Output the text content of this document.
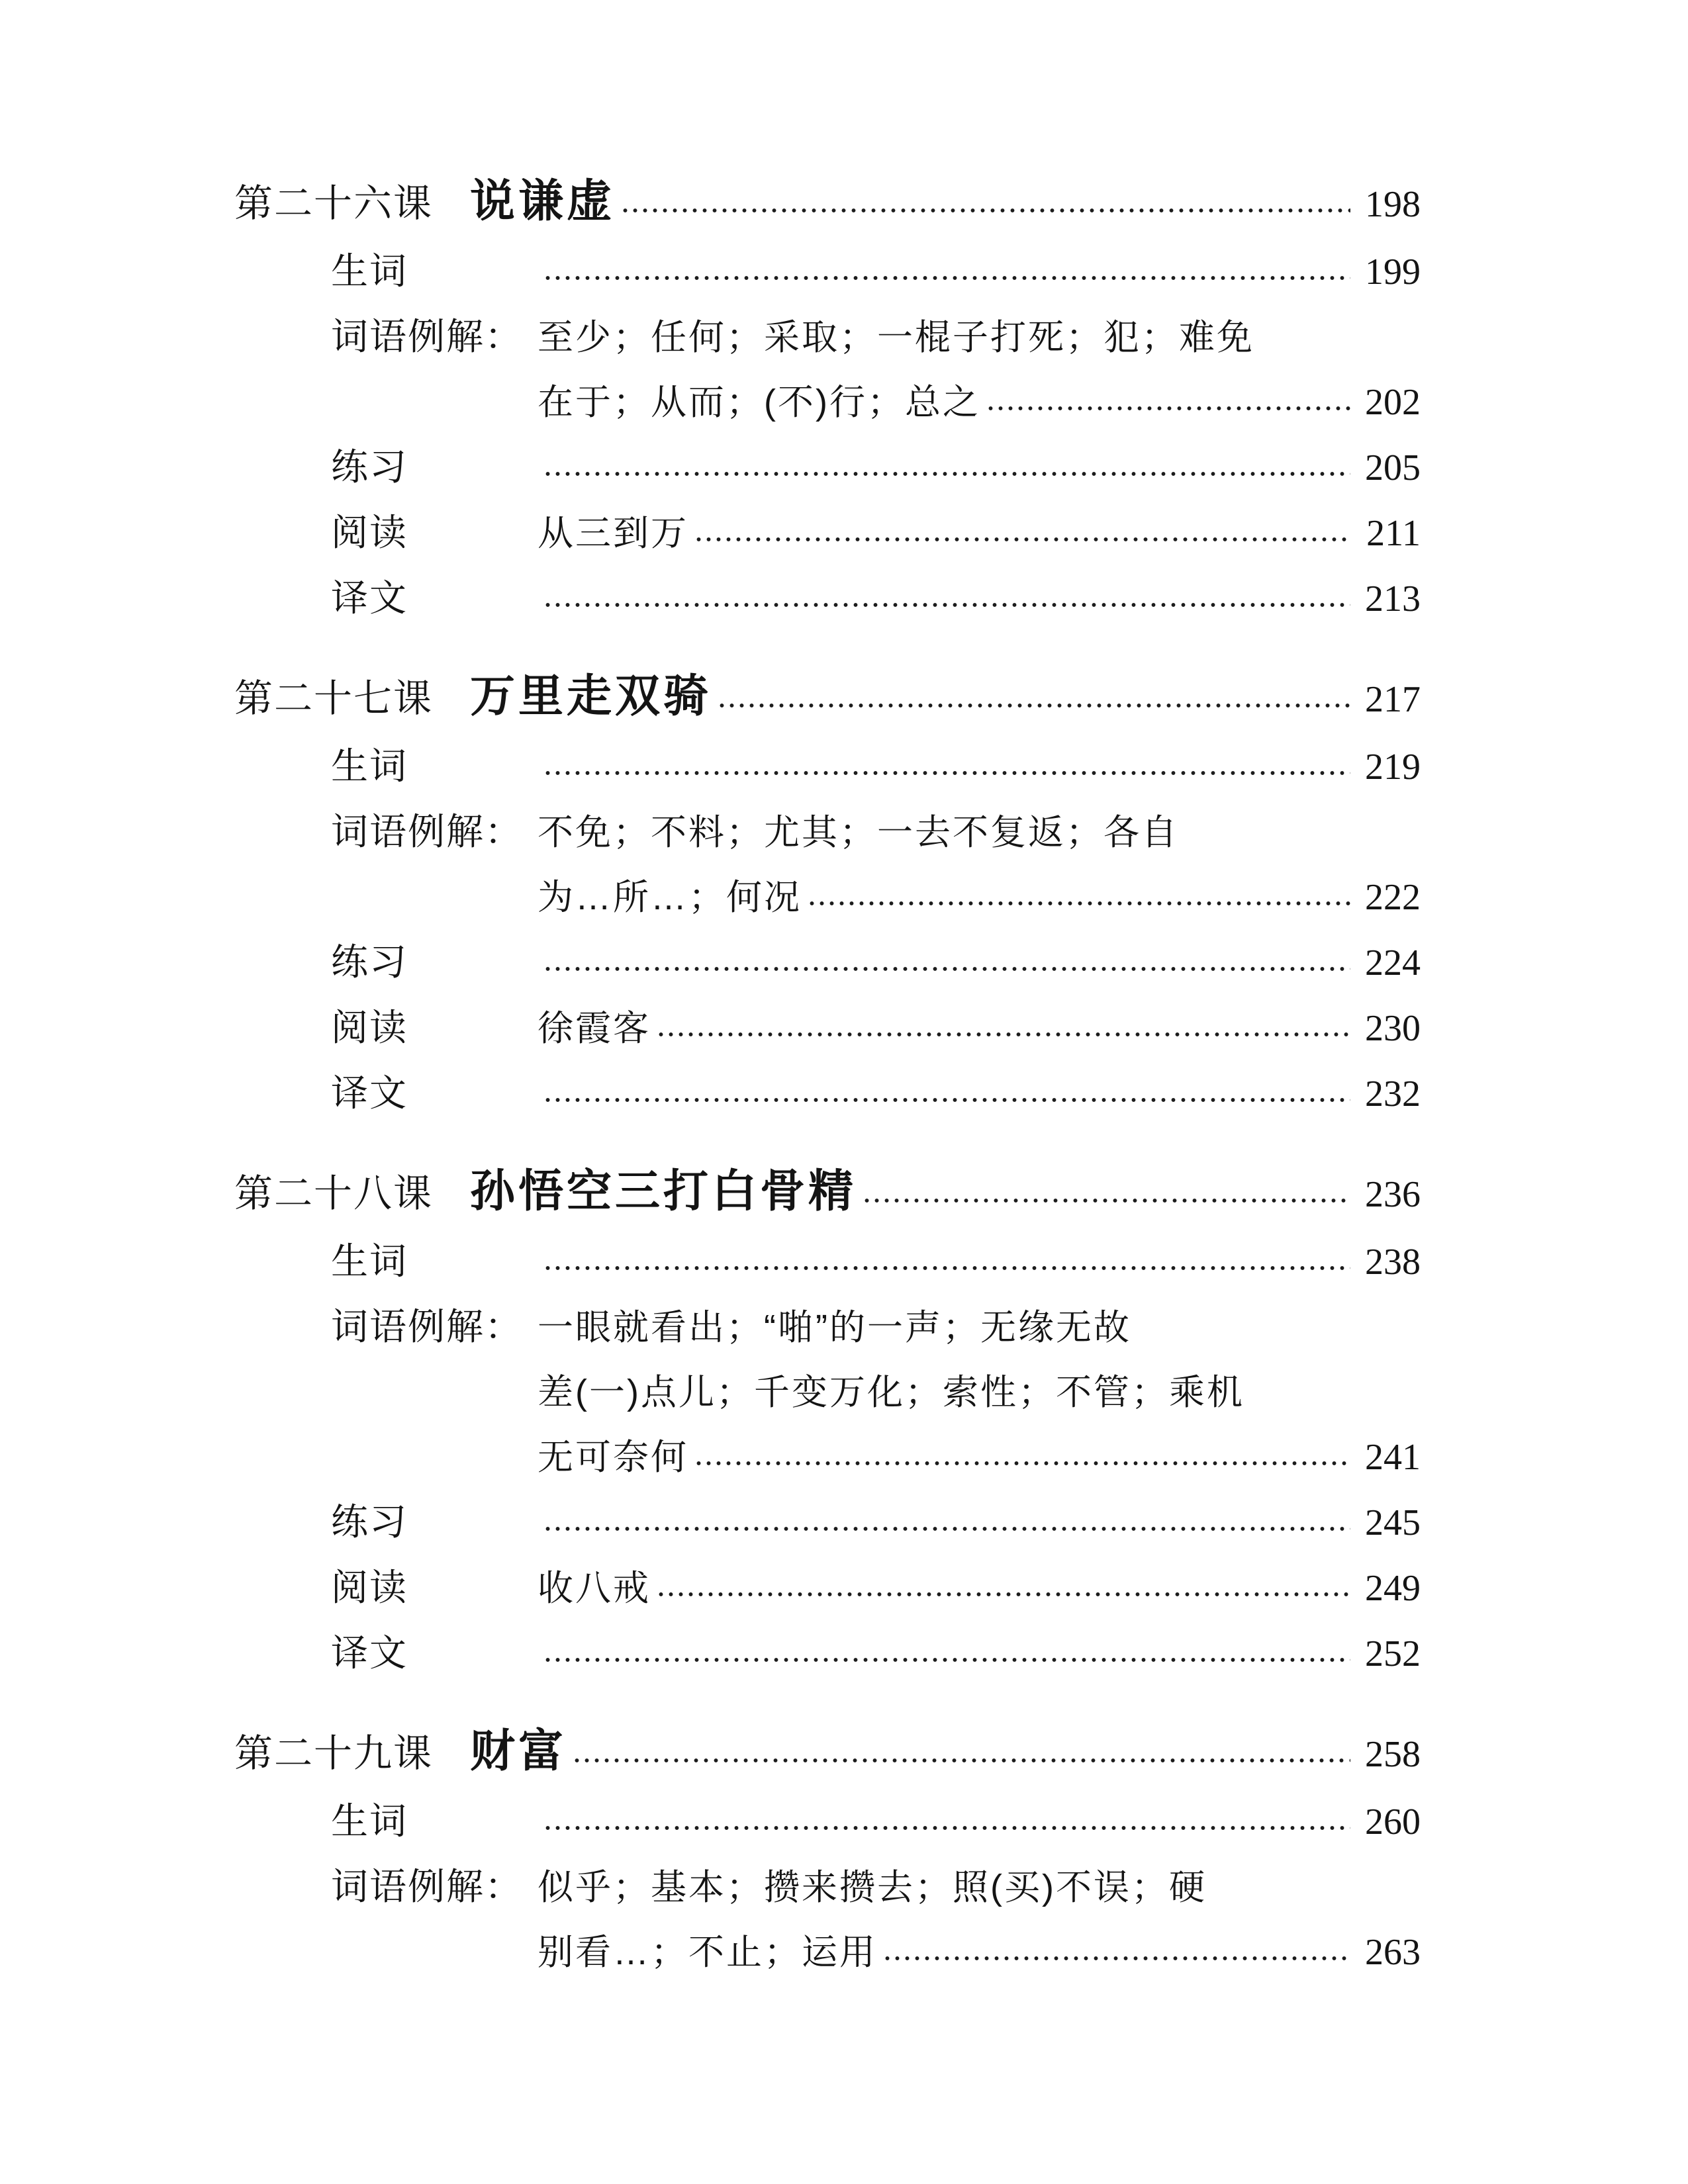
第二十六课 说谦虚	198
生词	199
词语例解： 至少；任何；采取；一棍子打死；犯；难免
在于；从而；(不)行；总之	202
练习	205
阅读	从三到万	211
译文	213
第二十七课 万里走双骑	217
生词	219
词语例解： 不免；不料；尤其；一去不复返；各自
为…所…；何况	222
练习	224
阅读	徐霞客	230
译文	232
第二十八课 孙悟空三打白骨精	236
生词	238
词语例解： 一眼就看出；“啪”的一声；无缘无故
差(一)点儿；千变万化；索性；不管；乘机
无可奈何	241
练习	245
阅读	收八戒	249
译文	252
第二十九课 财富	258
生词	260
词语例解： 似乎；基本；攒来攒去；照(买)不误；硬
别看…；不止；运用	263
